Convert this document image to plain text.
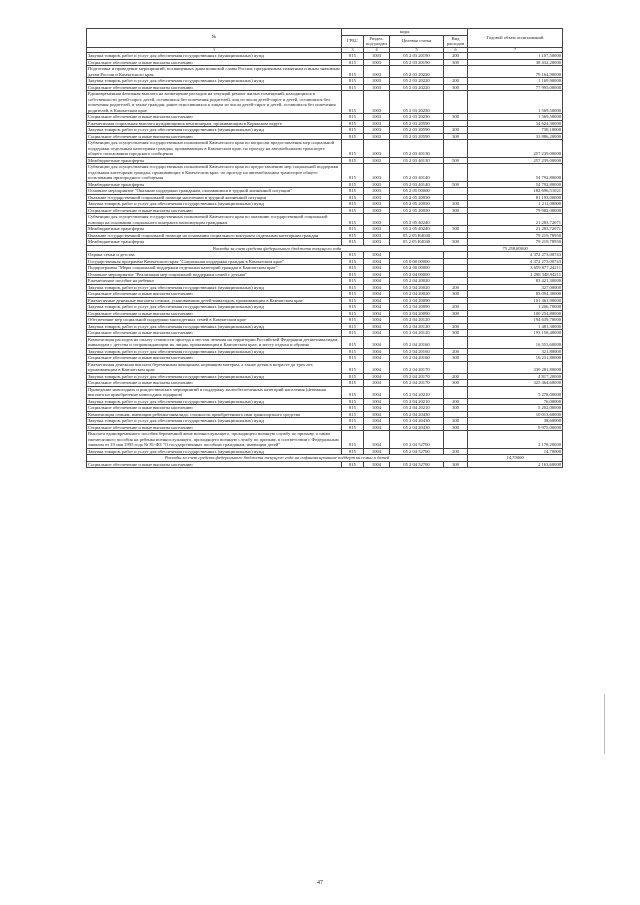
№	коды				Годовой объем ассигнований
	ГРБС	Раздел, под-раздел	Целевая статья	Вид расходов	

1	3	4	5	6	7
Закупка товаров, работ и услуг для обеспечения государственных (муниципальных) нужд	815	1003	05 2 03 20190	200	1 107,50000
Социальное обеспечение и иные выплаты населению	815	1003	05 2 03 20190	300	38 432,20000
Подготовка и проведение мероприятий, посвященных дням воинской славы России, праздничным, памятным и иным значимым датам России и Камчатского края	815	1003	05 2 03 20220		79 164,90000
Закупка товаров, работ и услуг для обеспечения государственных (муниципальных) нужд	815	1003	05 2 03 20220	200	1 169,90000
Социальное обеспечение и иные выплаты населению	815	1003	05 2 03 20220	300	77 995,00000
Единовременная denежная выплата на возмещение расходов на текущий ремонт жилых помещений, находящихся в собственности детей-сирот, детей, оставшихся без попечения родителей, лиц из числа детей-сирот и детей, оставшихся без попечения родителей, в также граждан, ранее относившихся к лицам из числа детей-сирот и детей, оставшихся без попечения родителей, в Камчатском крае	815	1003	05 2 03 20230		1 569,50000
Социальное обеспечение и иные выплаты населению	815	1003	05 2 03 20230	300	1 569,50000
Ежемесячная социальная выплата нуждающимся пенсионерам, проживающим в Корякском округе	815	1003	05 2 03 20590		34 624,30000
Закупка товаров, работ и услуг для обеспечения государственных (муниципальных) нужд	815	1003	05 2 03 20590	200	738,10000
Социальное обеспечение и иные выплаты населению	815	1003	05 2 03 20590	300	33 886,20000
Субвенции для осуществления государственных полномочий Камчатского края по вопросам предоставления мер социальной поддержки отдельным категориям граждан, проживающих в Камчатском крае, по проезду на автомобильном транспорте общего пользования городского сообщения	815	1003	05 2 03 40130		257 239,00000
Межбюджетные трансферты	815	1003	05 2 03 40130	500	257 239,00000
Субвенции для осуществления государственных полномочий Камчатского края по предоставлению мер социальной поддержки отдельным категориям граждан, проживающих в Камчатском крае, по проезду на автомобильном транспорте общего пользования пригородного сообщения	815	1003	05 2 03 40140		54 792,80000
Межбюджетные трансферты	815	1003	05 2 03 40140	500	54 792,80000
Основное мероприятие "Оказание поддержки гражданам, оказавшимся в трудной жизненной ситуации"	815	1003	05 2 05 00000		182 696,51021
Оказание государственной социальной помощи населению в трудной жизненной ситуации	815	1003	05 2 05 20050		81 193,00000
Закупка товаров, работ и услуг для обеспечения государственных (муниципальных) нужд	815	1003	05 2 05 20050	200	1 211,00000
Социальное обеспечение и иные выплаты населению	815	1003	05 2 05 20050	300	79 982,00000
Субвенции для осуществления государственных полномочий Камчатского края по оказанию государственной социальной помощи на основании социального контракта малоимущим гражданам	815	1003	05 2 05 40240		21 283,72071
Межбюджетные трансферты	815	1003	05 2 05 40240	500	21 283,72071
Оказание государственной социальной помощи на основании социального контракта отдельным категориям граждан	815	1003	05 2 05 R4040		79 219,78950
Межбюджетные трансферты	815	1003	05 2 05 R4040	500	79 219,78950
Расходы за счет средств федерального бюджета текущего года					75 258,80000
Охрана семьи и детства	815	1004			4 372 273,00743
Государственная программа Камчатского края "Социальная поддержка граждан в Камчатском крае"	815	1004	05 0 00 00000		4 372 273,00743
Подпрограмма "Меры социальной поддержки отдельных категорий граждан в Камчатском крае"	815	1004	05 2 00 00000		3 659 877,24211
Основное мероприятие "Реализация мер социальной поддержки семей с детьми"	815	1004	05 2 04 00000		2 298 348,94211
Ежемесячное пособие на ребенка	815	1004	05 2 04 20020		83 421,30000
Закупка товаров, работ и услуг для обеспечения государственных (муниципальных) нужд	815	1004	05 2 04 20020	200	327,00000
Социальное обеспечение и иные выплаты населению	815	1004	05 2 04 20020	300	83 094,30000
Ежемесячные денежные выплаты семьям, усыновившим детей-инвалидов, проживающим в Камчатском крае	815	1004	05 2 04 20090		101 461,90000
Закупка товаров, работ и услуг для обеспечения государственных (муниципальных) нужд	815	1004	05 2 04 20090	200	1 206,70000
Социальное обеспечение и иные выплаты населению	815	1004	05 2 04 20090	300	100 254,80000
Обеспечение мер социальной поддержки многодетных семей в Камчатском крае	815	1004	05 2 04 20120		194 639,70000
Закупка товаров, работ и услуг для обеспечения государственных (муниципальных) нужд	815	1004	05 2 04 20120	200	1 481,30000
Социальное обеспечение и иные выплаты населению	815	1004	05 2 04 20120	300	193 158,40000
Компенсация расходов на оплату стоимости проезда к местам лечения на территории Российской Федерации детям-инвалидам, инвалидам с детства и сопровождающим их лицам, проживающим в Камчатском крае, и месту отдыха и обратно	815	1004	05 2 04 20160		16 553,60000
Закупка товаров, работ и услуг для обеспечения государственных (муниципальных) нужд	815	1004	05 2 04 20160	200	321,80000
Социальное обеспечение и иные выплаты населению	815	1004	05 2 04 20160	300	16 231,80000
Ежемесячная денежная выплата беременным женщинам, кормящим матерям, а также детям в возрасте до трех лет, проживающим в Камчатском крае	815	1004	05 2 04 20170		330 281,80000
Закупка товаров, работ и услуг для обеспечения государственных (муниципальных) нужд	815	1004	05 2 04 20170	200	4 817,20000
Социальное обеспечение и иные выплаты населению	815	1004	05 2 04 20170	300	325 464,60000
Проведение новогодних и рождественских мероприятий в поддержку малообеспеченных категорий населения (denежная выплата на приобретение новогодних подарков)	815	1004	05 2 04 20210		5 278,00000
Закупка товаров, работ и услуг для обеспечения государственных (муниципальных) нужд	815	1004	05 2 04 20210	200	76,00000
Социальное обеспечение и иные выплаты населению	815	1004	05 2 04 20210	300	5 202,00000
Компенсация семьям, имеющим ребенка-инвалида, стоимости приобретенного ими транспортного средства	815	1004	05 2 04 20430		10 013,60000
Закупка товаров, работ и услуг для обеспечения государственных (муниципальных) нужд	815	1004	05 2 04 20430	200	38,60000
Социальное обеспечение и иные выплаты населению	815	1004	05 2 04 20430	300	9 975,00000
Выплата единовременного пособия беременной жене военнослужащего, проходящего военную службу по призыву, а также ежемесячного пособия на ребенка военнослужащего, проходящего военную службу по призыву, в соответствии с Федеральным законом от 19 мая 1995 года № 81-ФЗ "О государственных пособиях гражданам, имеющим детей"	815	1004	05 2 04 52700		2 178,20000
Закупка товаров, работ и услуг для обеспечения государственных (муниципальных) нужд	815	1004	05 2 04 52700	200	14,70000
Расходы за счет средств федерального бюджета текущего года на софинансирование поддержки семьи и детей					14,70000
Социальное обеспечение и иные выплаты населению	815	1004	05 2 04 52700	300	2 163,60000
47
